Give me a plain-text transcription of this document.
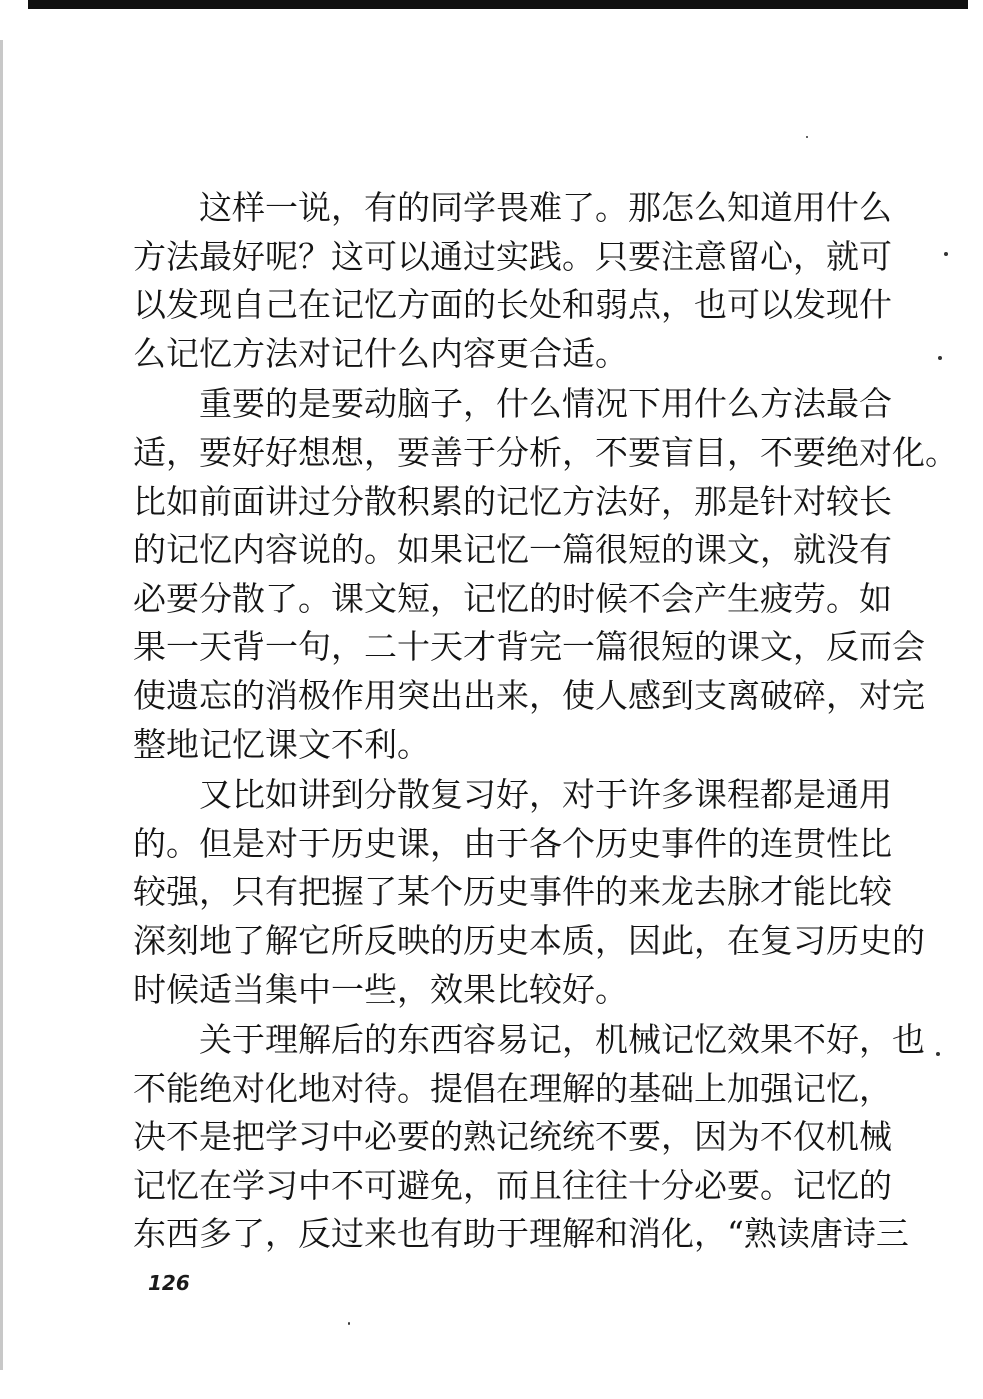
这样一说，有的同学畏难了。那怎么知道用什么
方法最好呢？这可以通过实践。只要注意留心，就可
以发现自己在记忆方面的长处和弱点，也可以发现什
么记忆方法对记什么内容更合适。
重要的是要动脑子，什么情况下用什么方法最合
适，要好好想想，要善于分析，不要盲目，不要绝对化。
比如前面讲过分散积累的记忆方法好，那是针对较长
的记忆内容说的。如果记忆一篇很短的课文，就没有
必要分散了。课文短，记忆的时候不会产生疲劳。如
果一天背一句，二十天才背完一篇很短的课文，反而会
使遗忘的消极作用突出出来，使人感到支离破碎，对完
整地记忆课文不利。
又比如讲到分散复习好，对于许多课程都是通用
的。但是对于历史课，由于各个历史事件的连贯性比
较强，只有把握了某个历史事件的来龙去脉才能比较
深刻地了解它所反映的历史本质，因此，在复习历史的
时候适当集中一些，效果比较好。
关于理解后的东西容易记，机械记忆效果不好，也
不能绝对化地对待。提倡在理解的基础上加强记忆，
决不是把学习中必要的熟记统统不要，因为不仅机械
记忆在学习中不可避免，而且往往十分必要。记忆的
东西多了，反过来也有助于理解和消化，“熟读唐诗三
126
